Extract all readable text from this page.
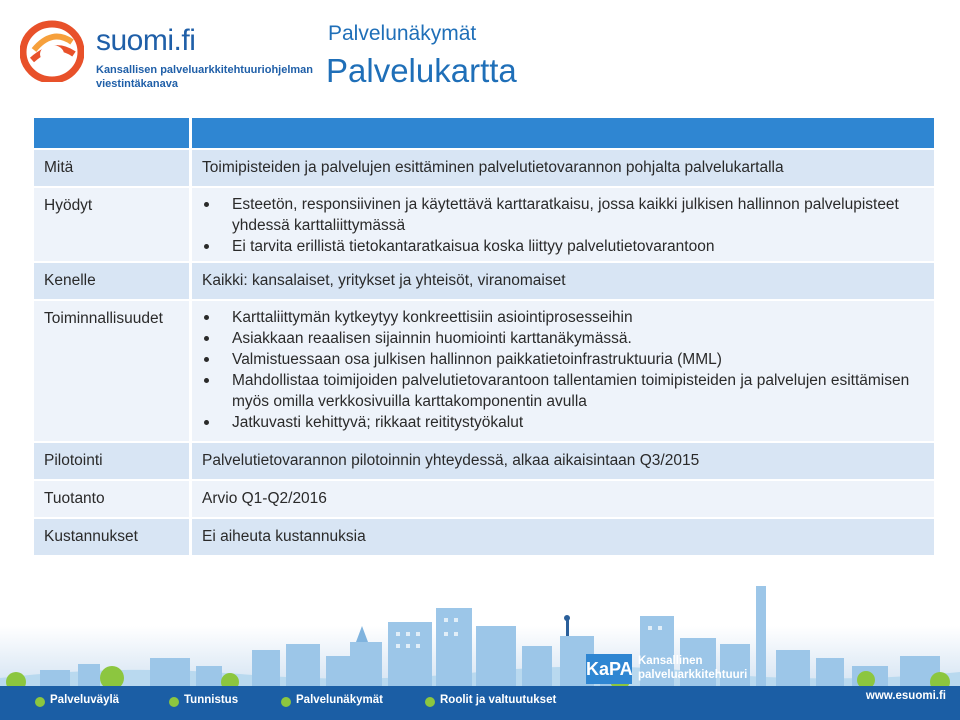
suomi.fi
Kansallisen palveluarkkitehtuuriohjelman
viestintäkanava
Palvelunäkymät
Palvelukartta
Mitä	Toimipisteiden ja palvelujen esittäminen palvelutietovarannon pohjalta palvelukartalla
Hyödyt	Esteetön, responsiivinen ja käytettävä karttaratkaisu, jossa kaikki julkisen hallinnon palvelupisteet yhdessä karttaliittymässä
Ei tarvita erillistä tietokantaratkaisua koska liittyy palvelutietovarantoon
Kenelle	Kaikki: kansalaiset, yritykset ja yhteisöt, viranomaiset
Toiminnallisuudet	Karttaliittymän kytkeytyy konkreettisiin asiointiprosesseihin
Asiakkaan reaalisen sijainnin huomiointi karttanäkymässä.
Valmistuessaan osa julkisen hallinnon paikkatietoinfrastruktuuria (MML)
Mahdollistaa toimijoiden palvelutietovarantoon tallentamien toimipisteiden ja palvelujen esittämisen myös omilla verkkosivuilla karttakomponentin avulla
Jatkuvasti kehittyvä; rikkaat reititystyökalut
Pilotointi	Palvelutietovarannon pilotoinnin yhteydessä, alkaa aikaisintaan Q3/2015
Tuotanto	Arvio Q1-Q2/2016
Kustannukset	Ei aiheuta kustannuksia
KaPA Kansallinen
palveluarkkitehtuuri
Palveluväylä	Tunnistus	Palvelunäkymät	Roolit ja valtuutukset	www.esuomi.fi
